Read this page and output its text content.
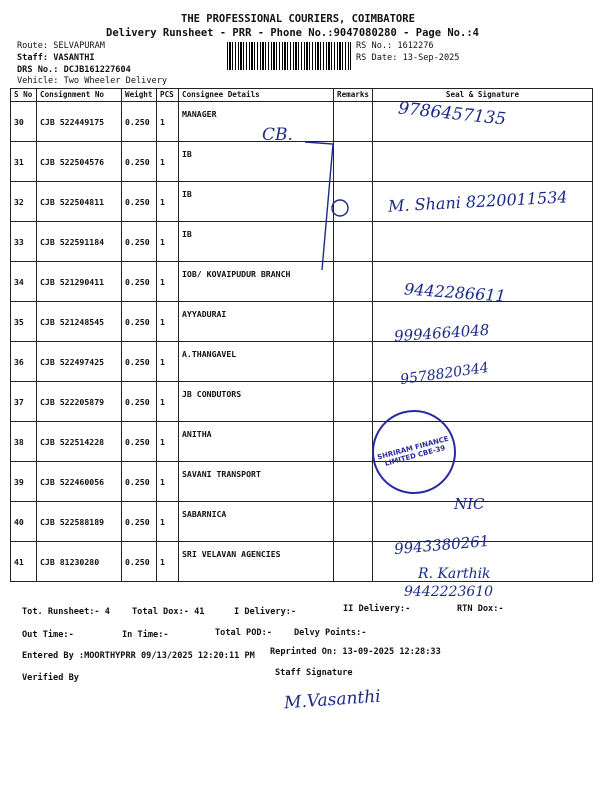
THE PROFESSIONAL COURIERS, COIMBATORE
Delivery Runsheet - PRR - Phone No.:9047080280 - Page No.:4
Route: SELVAPURAM
Staff: VASANTHI
DRS No.: DCJB161227604
Vehicle: Two Wheeler Delivery
RS No.: 1612276
RS Date: 13-Sep-2025
S No	Consignment No	Weight	PCS	Consignee Details	Remarks	Seal & Signature
30	CJB 522449175	0.250	1	MANAGER		
31	CJB 522504576	0.250	1	IB		
32	CJB 522504811	0.250	1	IB		
33	CJB 522591184	0.250	1	IB		
34	CJB 521290411	0.250	1	IOB/ KOVAIPUDUR BRANCH		
35	CJB 521248545	0.250	1	AYYADURAI		
36	CJB 522497425	0.250	1	A.THANGAVEL		
37	CJB 522205879	0.250	1	JB CONDUTORS		
38	CJB 522514228	0.250	1	ANITHA		
39	CJB 522460056	0.250	1	SAVANI TRANSPORT		
40	CJB 522588189	0.250	1	SABARNICA		
41	CJB 81230280	0.250	1	SRI VELAVAN AGENCIES		
CB.
9786457135
M. Shani 8220011534
9442286611
9994664048
9578820344
SHRIRAM FINANCE LIMITED CBE-39
NIC
9943380261
R. Karthik
9442223610
Tot. Runsheet:- 4	Total Dox:- 41	I Delivery:-	II Delivery:-	RTN Dox:-
Out Time:-	In Time:-	Total POD:-	Delvy Points:-
Entered By :MOORTHYPRR 09/13/2025 12:20:11 PM Reprinted On: 13-09-2025 12:28:33
Verified By	Staff Signature
M.Vasanthi
